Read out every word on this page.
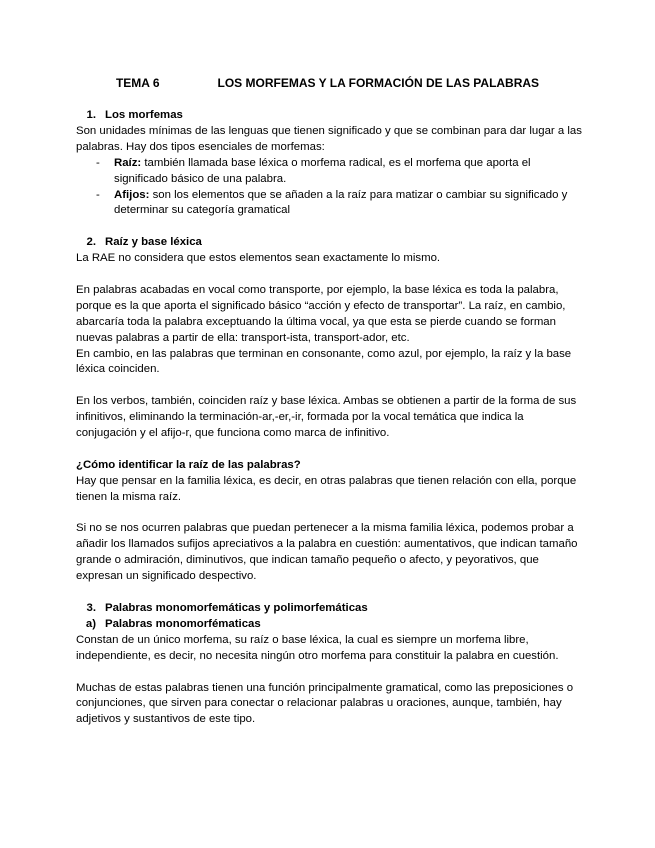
TEMA 6	LOS MORFEMAS Y LA FORMACIÓN DE LAS PALABRAS
1. Los morfemas

Son unidades mínimas de las lenguas que tienen significado y que se combinan para dar lugar a las palabras. Hay dos tipos esenciales de morfemas:

- Raíz: también llamada base léxica o morfema radical, es el morfema que aporta el significado básico de una palabra.
- Afijos: son los elementos que se añaden a la raíz para matizar o cambiar su significado y determinar su categoría gramatical
2. Raíz y base léxica

La RAE no considera que estos elementos sean exactamente lo mismo.

En palabras acabadas en vocal como transporte, por ejemplo, la base léxica es toda la palabra, porque es la que aporta el significado básico “acción y efecto de transportar”. La raíz, en cambio, abarcaría toda la palabra exceptuando la última vocal, ya que esta se pierde cuando se forman nuevas palabras a partir de ella: transport-ista, transport-ador, etc.

En cambio, en las palabras que terminan en consonante, como azul, por ejemplo, la raíz y la base léxica coinciden.

En los verbos, también, coinciden raíz y base léxica. Ambas se obtienen a partir de la forma de sus infinitivos, eliminando la terminación-ar,-er,-ir, formada por la vocal temática que indica la conjugación y el afijo-r, que funciona como marca de infinitivo.

¿Cómo identificar la raíz de las palabras?

Hay que pensar en la familia léxica, es decir, en otras palabras que tienen relación con ella, porque tienen la misma raíz.

Si no se nos ocurren palabras que puedan pertenecer a la misma familia léxica, podemos probar a añadir los llamados sufijos apreciativos a la palabra en cuestión: aumentativos, que indican tamaño grande o admiración, diminutivos, que indican tamaño pequeño o afecto, y peyorativos, que expresan un significado despectivo.

3. Palabras monomorfemáticas y polimorfemáticas
a) Palabras monomorfématicas

Constan de un único morfema, su raíz o base léxica, la cual es siempre un morfema libre, independiente, es decir, no necesita ningún otro morfema para constituir la palabra en cuestión.

Muchas de estas palabras tienen una función principalmente gramatical, como las preposiciones o conjunciones, que sirven para conectar o relacionar palabras u oraciones, aunque, también, hay adjetivos y sustantivos de este tipo.
